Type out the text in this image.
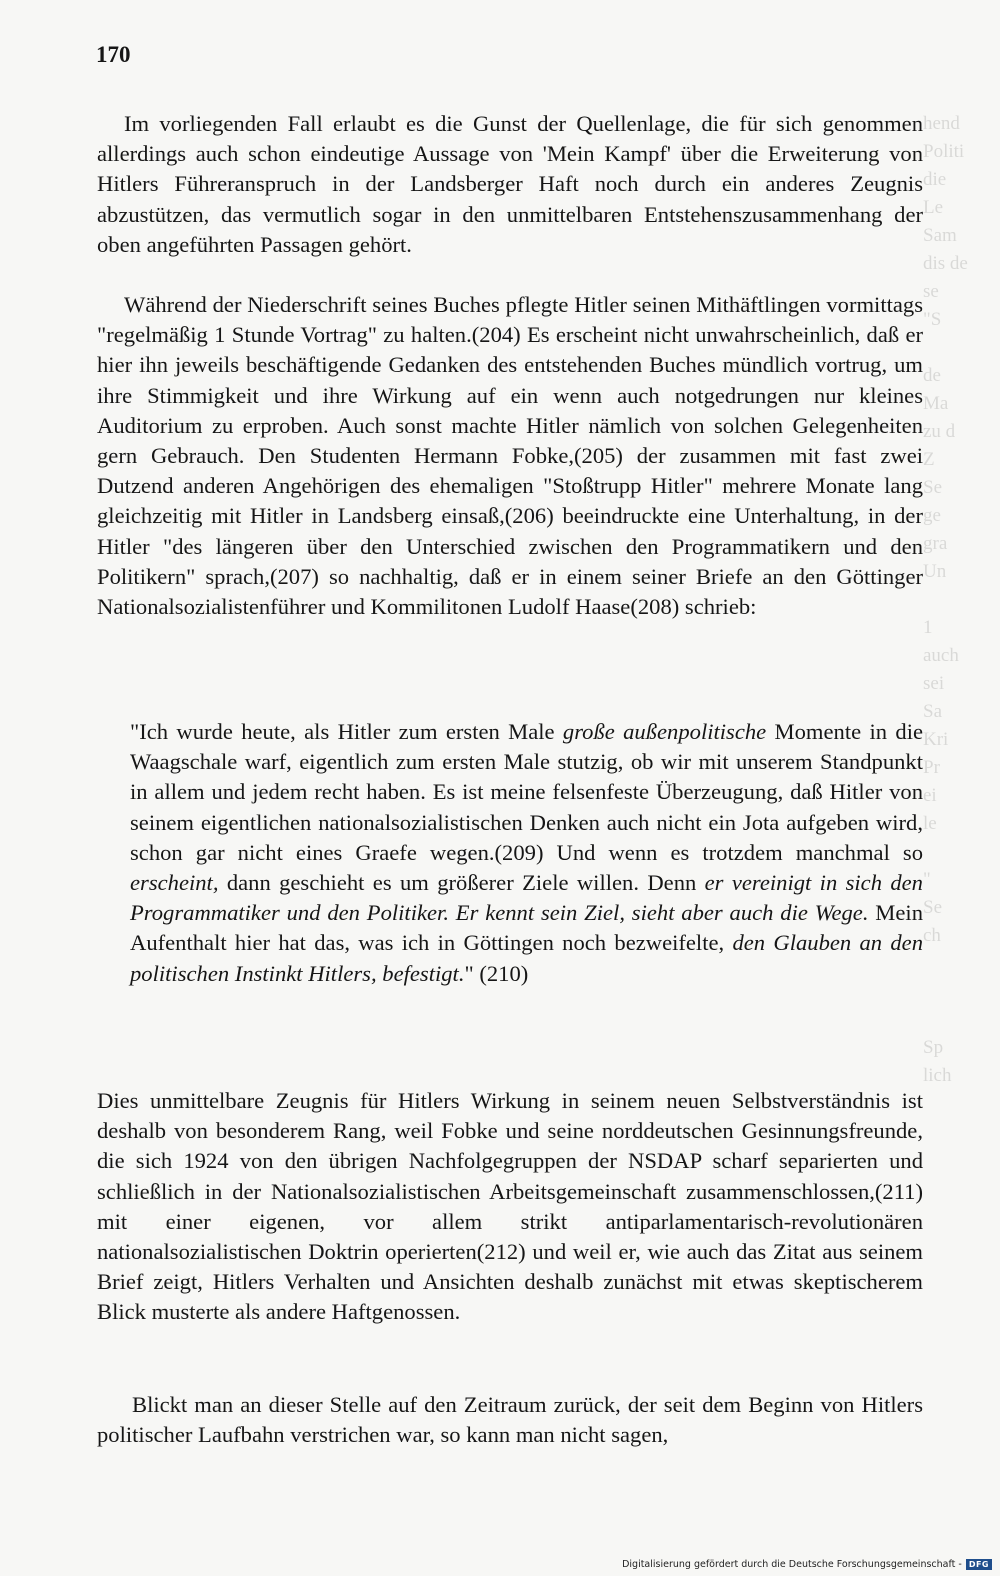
hend
Politi
die
Le
Sam
dis de
se
"S

de
Ma
zu d
Z
Se
ge
gra
Un

1
auch
sei
Sa
Kri
Pr
ei
le

"
Se
ch

Sp
lich

170

Im vorliegenden Fall erlaubt es die Gunst der Quellenlage, die für sich genommen allerdings auch schon eindeutige Aussage von 'Mein Kampf' über die Erweiterung von Hitlers Führeranspruch in der Landsberger Haft noch durch ein anderes Zeugnis abzustützen, das vermutlich sogar in den unmittelbaren Entstehenszusammenhang der oben angeführten Passagen gehört.

Während der Niederschrift seines Buches pflegte Hitler seinen Mithäftlingen vormittags "regelmäßig 1 Stunde Vortrag" zu halten.(204) Es erscheint nicht unwahrscheinlich, daß er hier ihn jeweils beschäftigende Gedanken des entstehenden Buches mündlich vortrug, um ihre Stimmigkeit und ihre Wirkung auf ein wenn auch notgedrungen nur kleines Auditorium zu erproben. Auch sonst machte Hitler nämlich von solchen Gelegenheiten gern Gebrauch. Den Studenten Hermann Fobke,(205) der zusammen mit fast zwei Dutzend anderen Angehörigen des ehemaligen "Stoßtrupp Hitler" mehrere Monate lang gleichzeitig mit Hitler in Landsberg einsaß,(206) beeindruckte eine Unterhaltung, in der Hitler "des längeren über den Unterschied zwischen den Programmatikern und den Politikern" sprach,(207) so nachhaltig, daß er in einem seiner Briefe an den Göttinger Nationalsozialistenführer und Kommilitonen Ludolf Haase(208) schrieb:

"Ich wurde heute, als Hitler zum ersten Male große außenpolitische Momente in die Waagschale warf, eigentlich zum ersten Male stutzig, ob wir mit unserem Standpunkt in allem und jedem recht haben. Es ist meine felsenfeste Überzeugung, daß Hitler von seinem eigentlichen nationalsozialistischen Denken auch nicht ein Jota aufgeben wird, schon gar nicht eines Graefe wegen.(209) Und wenn es trotzdem manchmal so erscheint, dann geschieht es um größerer Ziele willen. Denn er vereinigt in sich den Programmatiker und den Politiker. Er kennt sein Ziel, sieht aber auch die Wege. Mein Aufenthalt hier hat das, was ich in Göttingen noch bezweifelte, den Glauben an den politischen Instinkt Hitlers, befestigt." (210)

Dies unmittelbare Zeugnis für Hitlers Wirkung in seinem neuen Selbstverständnis ist deshalb von besonderem Rang, weil Fobke und seine norddeutschen Gesinnungsfreunde, die sich 1924 von den übrigen Nachfolgegruppen der NSDAP scharf separierten und schließlich in der Nationalsozialistischen Arbeitsgemeinschaft zusammenschlossen,(211) mit einer eigenen, vor allem strikt antiparlamentarisch-revolutionären nationalsozialistischen Doktrin operierten(212) und weil er, wie auch das Zitat aus seinem Brief zeigt, Hitlers Verhalten und Ansichten deshalb zunächst mit etwas skeptischerem Blick musterte als andere Haftgenossen.

Blickt man an dieser Stelle auf den Zeitraum zurück, der seit dem Beginn von Hitlers politischer Laufbahn verstrichen war, so kann man nicht sagen,

Digitalisierung gefördert durch die Deutsche Forschungsgemeinschaft - DFG
